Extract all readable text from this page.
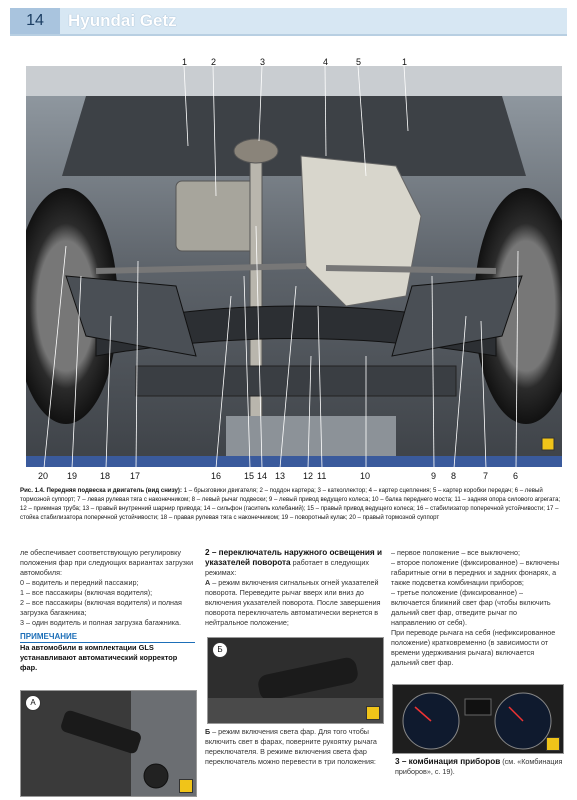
14	Hyundai Getz
1	2	3	4	5	1
20 19	18 17	16	15 14 13 12 11	10	9 8	7	6
Рис. 1.4. Передняя подвеска и двигатель (вид снизу): 1 – брызговики двигателя; 2 – поддон картера; 3 – катколлектор; 4 – картер сцепления; 5 – картер коробки передач; 6 – левый тормозной суппорт; 7 – левая рулевая тяга с наконечником; 8 – левый рычаг подвески; 9 – левый привод ведущего колеса; 10 – балка переднего моста; 11 – задняя опора силового агрегата; 12 – приемная труба; 13 – правый внутренний шарнир привода; 14 – сильфон (гаситель колебаний); 15 – правый привод ведущего колеса; 16 – стабилизатор поперечной устойчивости; 17 – стойка стабилизатора поперечной устойчивости; 18 – правая рулевая тяга с наконечником; 19 – поворотный кулак; 20 – правый тормозной суппорт

ле обеспечивает соответствующую регулировку положения фар при следующих вариантах загрузки автомобиля:

0 – водитель и передний пассажир;

1 – все пассажиры (включая водителя);

2 – все пассажиры (включая водителя) и полная загрузка багажника;

3 – один водитель и полная загрузка багажника.

ПРИМЕЧАНИЕ

На автомобили в комплектации GLS устанавливают автоматический корректор фар.

А

2 – переключатель наружного освещения и указателей поворота работает в следующих режимах:

А – режим включения сигнальных огней указателей поворота. Переведите рычаг вверх или вниз до включения указателей поворота. После завершения поворота переключатель автоматически вернется в нейтральное положение;

Б

Б – режим включения света фар. Для того чтобы включить свет в фарах, поверните рукоятку рычага переключателя. В режиме включения света фар переключатель можно перевести в три положения:

– первое положение – все выключено;

– второе положение (фиксированное) – включены габаритные огни в передних и задних фонарях, а также подсветка комбинации приборов;

– третье положение (фиксированное) – включается ближний свет фар (чтобы включить дальний свет фар, отведите рычаг по направлению от себя).

При переводе рычага на себя (нефиксированное положение) кратковременно (в зависимости от времени удерживания рычага) включается дальний свет фар.

3 – комбинация приборов (см. «Комбинация приборов», с. 19).
